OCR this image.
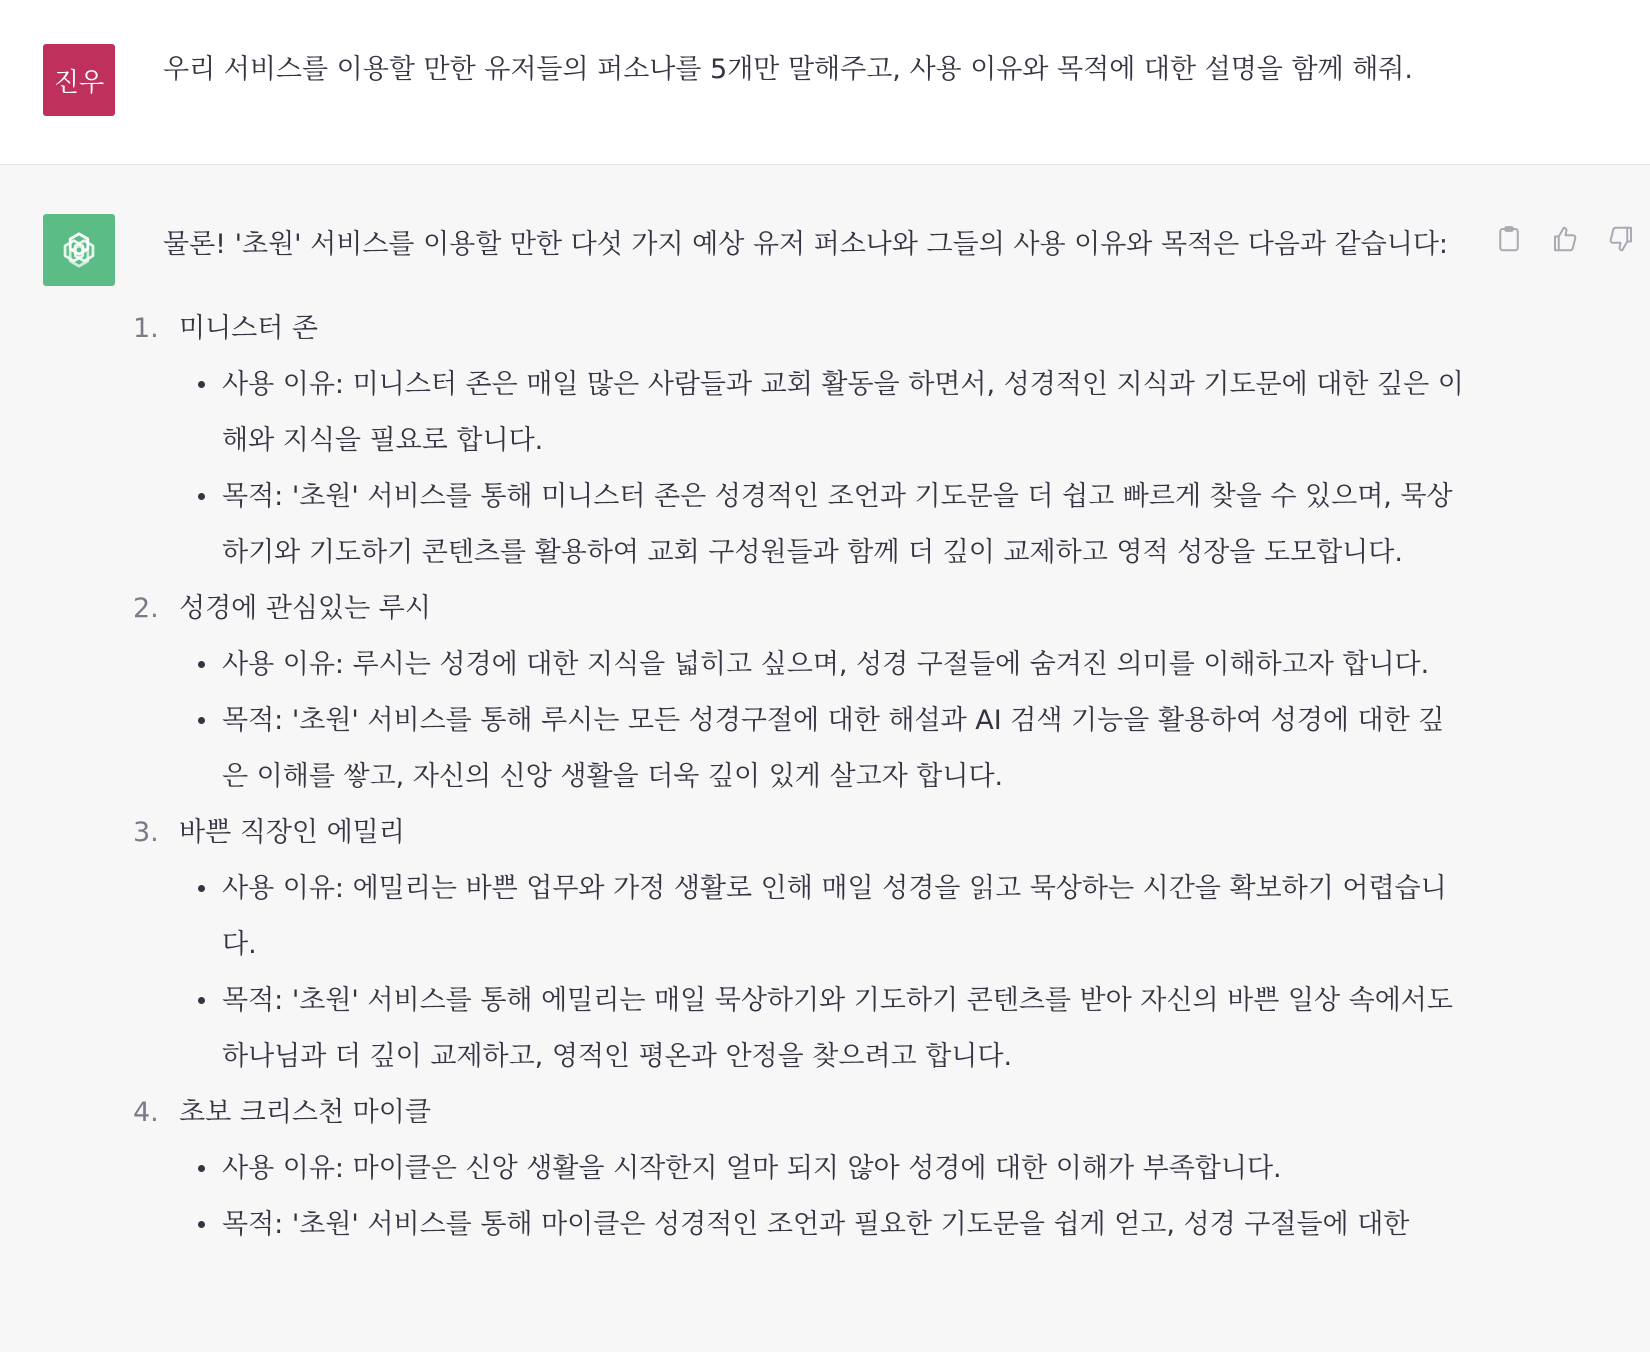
진우 우리 서비스를 이용할 만한 유저들의 퍼소나를 5개만 말해주고, 사용 이유와 목적에 대한 설명을 함께 해줘.
물론! '초원' 서비스를 이용할 만한 다섯 가지 예상 유저 퍼소나와 그들의 사용 이유와 목적은 다음과 같습니다:
1. 미니스터 존
사용 이유: 미니스터 존은 매일 많은 사람들과 교회 활동을 하면서, 성경적인 지식과 기도문에 대한 깊은 이해와 지식을 필요로 합니다.
목적: '초원' 서비스를 통해 미니스터 존은 성경적인 조언과 기도문을 더 쉽고 빠르게 찾을 수 있으며, 묵상하기와 기도하기 콘텐츠를 활용하여 교회 구성원들과 함께 더 깊이 교제하고 영적 성장을 도모합니다.
2. 성경에 관심있는 루시
사용 이유: 루시는 성경에 대한 지식을 넓히고 싶으며, 성경 구절들에 숨겨진 의미를 이해하고자 합니다.
목적: '초원' 서비스를 통해 루시는 모든 성경구절에 대한 해설과 AI 검색 기능을 활용하여 성경에 대한 깊은 이해를 쌓고, 자신의 신앙 생활을 더욱 깊이 있게 살고자 합니다.
3. 바쁜 직장인 에밀리
사용 이유: 에밀리는 바쁜 업무와 가정 생활로 인해 매일 성경을 읽고 묵상하는 시간을 확보하기 어렵습니다.
목적: '초원' 서비스를 통해 에밀리는 매일 묵상하기와 기도하기 콘텐츠를 받아 자신의 바쁜 일상 속에서도 하나님과 더 깊이 교제하고, 영적인 평온과 안정을 찾으려고 합니다.
4. 초보 크리스천 마이클
사용 이유: 마이클은 신앙 생활을 시작한지 얼마 되지 않아 성경에 대한 이해가 부족합니다.
목적: '초원' 서비스를 통해 마이클은 성경적인 조언과 필요한 기도문을 쉽게 얻고, 성경 구절들에 대한
